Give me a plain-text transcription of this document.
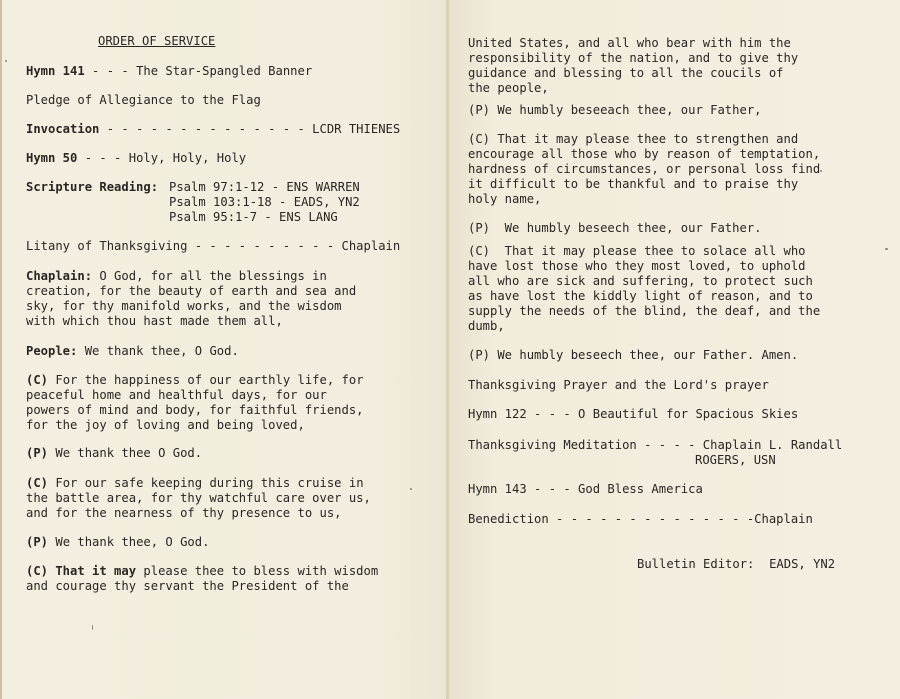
ORDER OF SERVICE
Hymn 141 - - - The Star-Spangled Banner
Pledge of Allegiance to the Flag
Invocation - - - - - - - - - - - - - - LCDR THIENES
Hymn 50 - - - Holy, Holy, Holy
Scripture Reading: Psalm 97:1-12 - ENS WARREN
Psalm 103:1-18 - EADS, YN2
Psalm 95:1-7 - ENS LANG
Litany of Thanksgiving - - - - - - - - - - Chaplain
Chaplain: O God, for all the blessings in
creation, for the beauty of earth and sea and
sky, for thy manifold works, and the wisdom
with which thou hast made them all,
People: We thank thee, O God.
(C) For the happiness of our earthly life, for
peaceful home and healthful days, for our
powers of mind and body, for faithful friends,
for the joy of loving and being loved,
(P) We thank thee O God.
(C) For our safe keeping during this cruise in
the battle area, for thy watchful care over us,
and for the nearness of thy presence to us,
(P) We thank thee, O God.
(C) That it may please thee to bless with wisdom
and courage thy servant the President of the
United States, and all who bear with him the
responsibility of the nation, and to give thy
guidance and blessing to all the coucils of
the people,
(P) We humbly beseeach thee, our Father,
(C) That it may please thee to strengthen and
encourage all those who by reason of temptation,
hardness of circumstances, or personal loss find
it difficult to be thankful and to praise thy
holy name,
(P)  We humbly beseech thee, our Father.
(C)  That it may please thee to solace all who
have lost those who they most loved, to uphold
all who are sick and suffering, to protect such
as have lost the kiddly light of reason, and to
supply the needs of the blind, the deaf, and the
dumb,
(P) We humbly beseech thee, our Father. Amen.
Thanksgiving Prayer and the Lord's prayer
Hymn 122 - - - O Beautiful for Spacious Skies
Thanksgiving Meditation - - - - Chaplain L. Randall
ROGERS, USN
Hymn 143 - - - God Bless America
Benediction - - - - - - - - - - - - - -Chaplain
Bulletin Editor:  EADS, YN2
